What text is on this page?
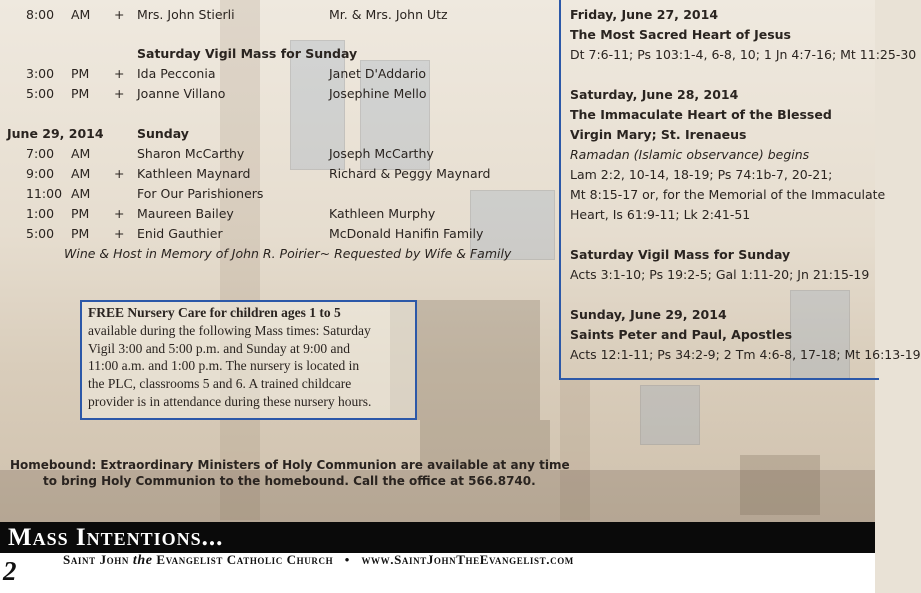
8:00	AM + Mrs. John Stierli	Mr. & Mrs. John Utz
Saturday Vigil Mass for Sunday
3:00	PM + Ida Pecconia	Janet D'Addario
5:00	PM + Joanne Villano	Josephine Mello
June 29, 2014	Sunday
7:00	AM	Sharon McCarthy	Joseph McCarthy
9:00	AM + Kathleen Maynard	Richard & Peggy Maynard
11:00 AM	For Our Parishioners
1:00	PM + Maureen Bailey	Kathleen Murphy
5:00	PM + Enid Gauthier	McDonald Hanifin Family
Wine & Host in Memory of John R. Poirier~ Requested by Wife & Family
Friday, June 27, 2014
The Most Sacred Heart of Jesus
Dt 7:6-11; Ps 103:1-4, 6-8, 10; 1 Jn 4:7-16; Mt 11:25-30
Saturday, June 28, 2014
The Immaculate Heart of the Blessed
Virgin Mary; St. Irenaeus
Ramadan (Islamic observance) begins
Lam 2:2, 10-14, 18-19; Ps 74:1b-7, 20-21;
Mt 8:15-17 or, for the Memorial of the Immaculate
Heart, Is 61:9-11; Lk 2:41-51
Saturday Vigil Mass for Sunday
Acts 3:1-10; Ps 19:2-5; Gal 1:11-20; Jn 21:15-19
Sunday, June 29, 2014
Saints Peter and Paul, Apostles
Acts 12:1-11; Ps 34:2-9; 2 Tm 4:6-8, 17-18; Mt 16:13-19
FREE Nursery Care for children ages 1 to 5
available during the following Mass times: Saturday
Vigil 3:00 and 5:00 p.m. and Sunday at 9:00 and
11:00 a.m. and 1:00 p.m. The nursery is located in
the PLC, classrooms 5 and 6. A trained childcare
provider is in attendance during these nursery hours.
Homebound: Extraordinary Ministers of Holy Communion are available at any time
to bring Holy Communion to the homebound. Call the office at 566.8740.
Mass Intentions...
2	Saint John the Evangelist Catholic Church • www.SaintJohnTheEvangelist.com
